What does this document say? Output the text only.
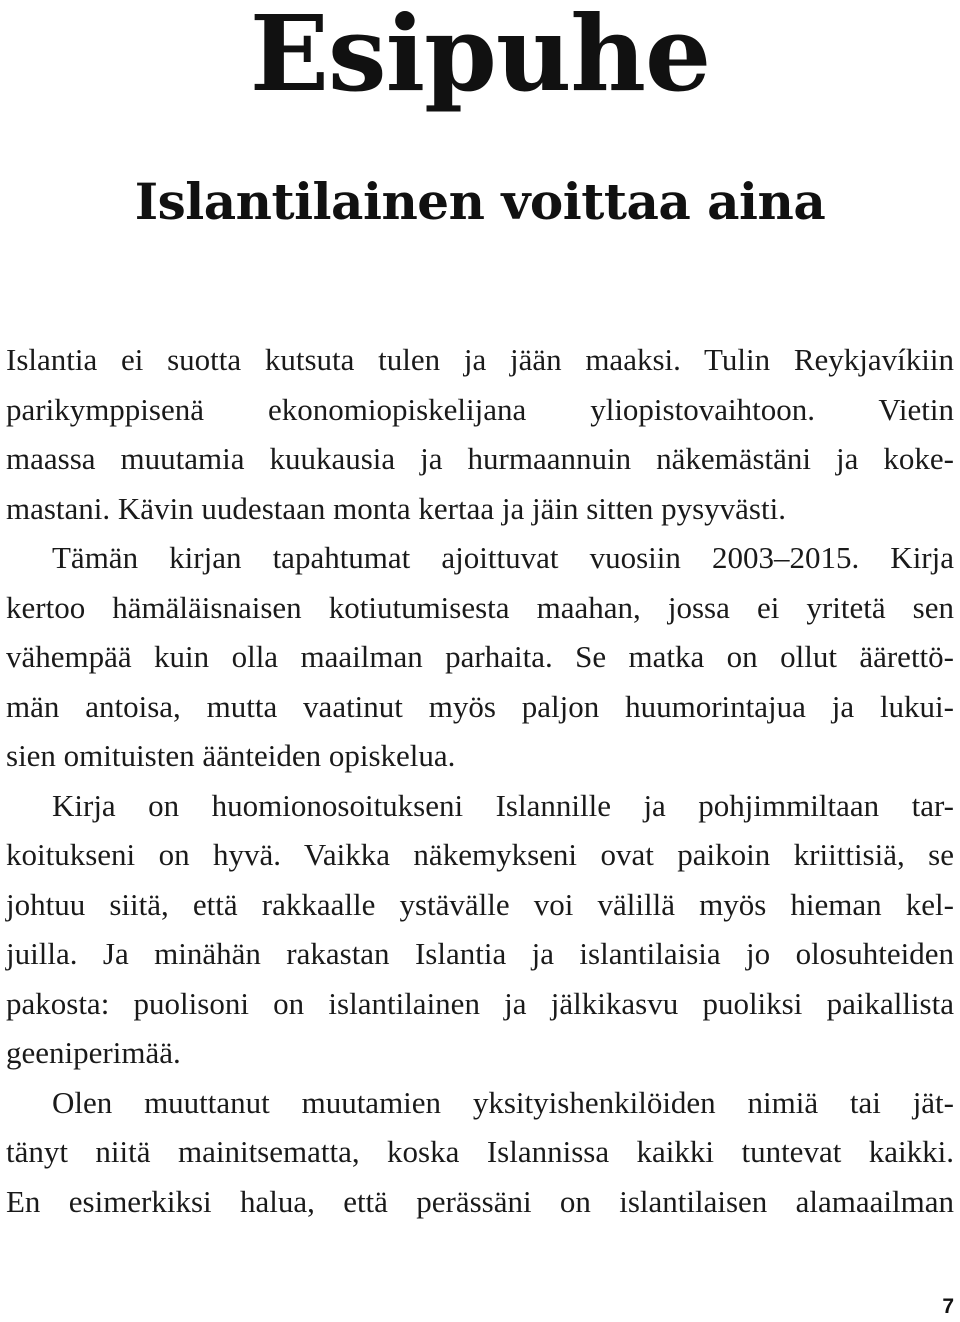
Esipuhe
Islantilainen voittaa aina
Islantia ei suotta kutsuta tulen ja jään maaksi. Tulin Reykjavíkiin
parikymppisenä ekonomiopiskelijana yliopistovaihtoon. Vietin
maassa muutamia kuukausia ja hurmaannuin näkemästäni ja koke-
mastani. Kävin uudestaan monta kertaa ja jäin sitten pysyvästi.
Tämän kirjan tapahtumat ajoittuvat vuosiin 2003–2015. Kirja
kertoo hämäläisnaisen kotiutumisesta maahan, jossa ei yritetä sen
vähempää kuin olla maailman parhaita. Se matka on ollut äärettö-
män antoisa, mutta vaatinut myös paljon huumorintajua ja lukui-
sien omituisten äänteiden opiskelua.
Kirja on huomionosoitukseni Islannille ja pohjimmiltaan tar-
koitukseni on hyvä. Vaikka näkemykseni ovat paikoin kriittisiä, se
johtuu siitä, että rakkaalle ystävälle voi välillä myös hieman kel-
juilla. Ja minähän rakastan Islantia ja islantilaisia jo olosuhteiden
pakosta: puolisoni on islantilainen ja jälkikasvu puoliksi paikallista
geeniperimää.
Olen muuttanut muutamien yksityishenkilöiden nimiä tai jät-
tänyt niitä mainitsematta, koska Islannissa kaikki tuntevat kaikki.
En esimerkiksi halua, että perässäni on islantilaisen alamaailman
7
